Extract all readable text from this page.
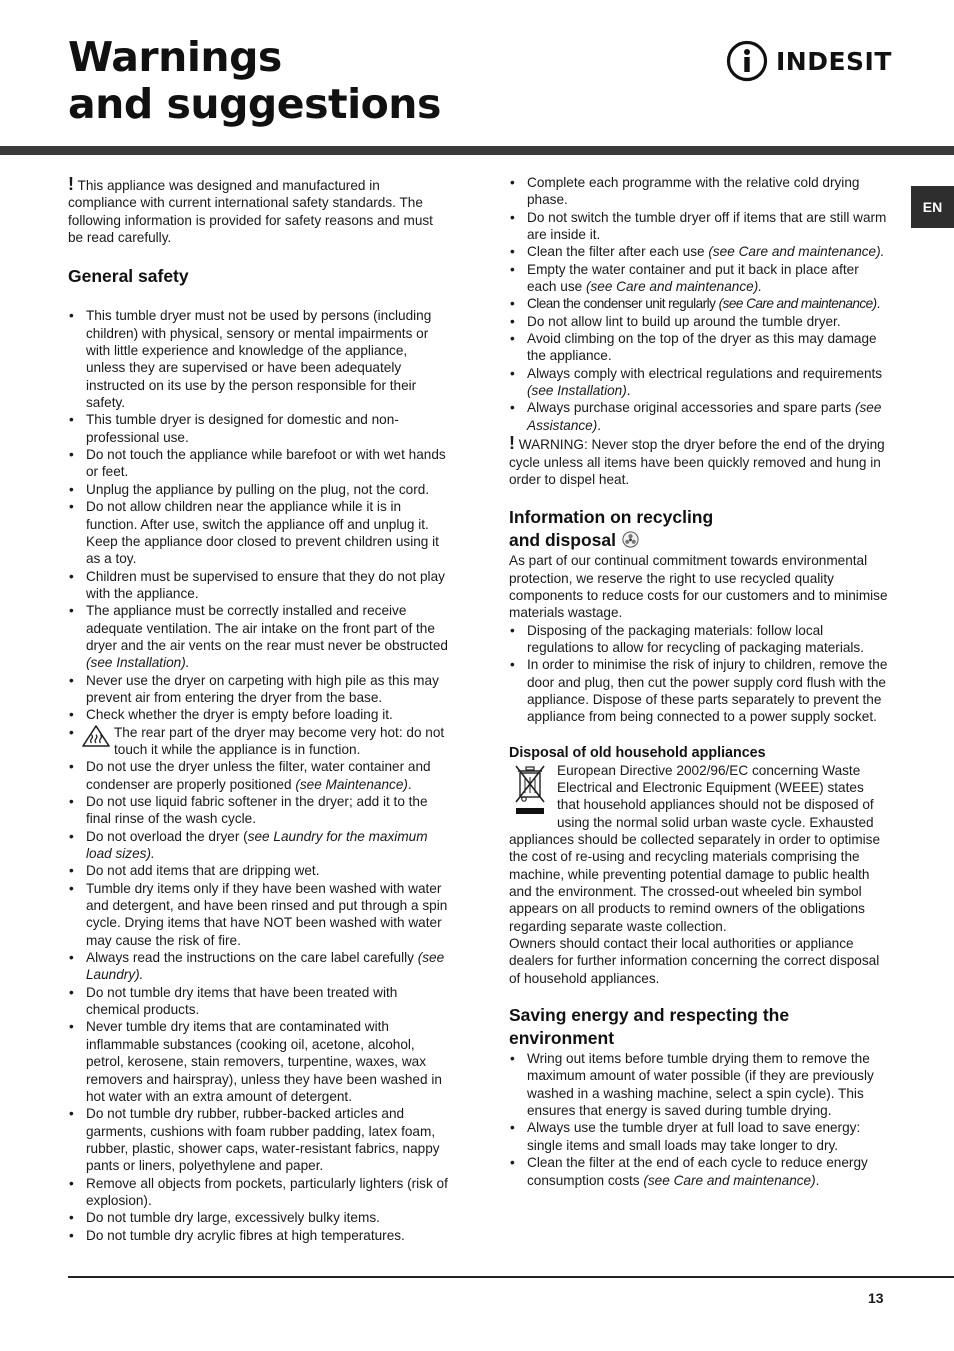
Warnings
and suggestions
INDESIT
EN

! This appliance was designed and manufactured in compliance with current international safety standards. The following information is provided for safety reasons and must be read carefully.

General safety
• This tumble dryer must not be used by persons (including children) with physical, sensory or mental impairments or with little experience and knowledge of the appliance, unless they are supervised or have been adequately instructed on its use by the person responsible for their safety.
• This tumble dryer is designed for domestic and non-professional use.
• Do not touch the appliance while barefoot or with wet hands or feet.
• Unplug the appliance by pulling on the plug, not the cord.
• Do not allow children near the appliance while it is in function. After use, switch the appliance off and unplug it. Keep the appliance door closed to prevent children using it as a toy.
• Children must be supervised to ensure that they do not play with the appliance.
• The appliance must be correctly installed and receive adequate ventilation. The air intake on the front part of the dryer and the air vents on the rear must never be obstructed (see Installation).
• Never use the dryer on carpeting with high pile as this may prevent air from entering the dryer from the base.
• Check whether the dryer is empty before loading it.
• The rear part of the dryer may become very hot: do not touch it while the appliance is in function.
• Do not use the dryer unless the filter, water container and condenser are properly positioned (see Maintenance).
• Do not use liquid fabric softener in the dryer; add it to the final rinse of the wash cycle.
• Do not overload the dryer (see Laundry for the maximum load sizes).
• Do not add items that are dripping wet.
• Tumble dry items only if they have been washed with water and detergent, and have been rinsed and put through a spin cycle. Drying items that have NOT been washed with water may cause the risk of fire.
• Always read the instructions on the care label carefully (see Laundry).
• Do not tumble dry items that have been treated with chemical products.
• Never tumble dry items that are contaminated with inflammable substances (cooking oil, acetone, alcohol, petrol, kerosene, stain removers, turpentine, waxes, wax removers and hairspray), unless they have been washed in hot water with an extra amount of detergent.
• Do not tumble dry rubber, rubber-backed articles and garments, cushions with foam rubber padding, latex foam, rubber, plastic, shower caps, water-resistant fabrics, nappy pants or liners, polyethylene and paper.
• Remove all objects from pockets, particularly lighters (risk of explosion).
• Do not tumble dry large, excessively bulky items.
• Do not tumble dry acrylic fibres at high temperatures.
• Complete each programme with the relative cold drying phase.
• Do not switch the tumble dryer off if items that are still warm are inside it.
• Clean the filter after each use (see Care and maintenance).
• Empty the water container and put it back in place after each use (see Care and maintenance).
• Clean the condenser unit regularly (see Care and maintenance).
• Do not allow lint to build up around the tumble dryer.
• Avoid climbing on the top of the dryer as this may damage the appliance.
• Always comply with electrical regulations and requirements (see Installation).
• Always purchase original accessories and spare parts (see Assistance).

! WARNING: Never stop the dryer before the end of the drying cycle unless all items have been quickly removed and hung in order to dispel heat.

Information on recycling
and disposal

As part of our continual commitment towards environmental protection, we reserve the right to use recycled quality components to reduce costs for our customers and to minimise materials wastage.

• Disposing of the packaging materials: follow local regulations to allow for recycling of packaging materials.
• In order to minimise the risk of injury to children, remove the door and plug, then cut the power supply cord flush with the appliance. Dispose of these parts separately to prevent the appliance from being connected to a power supply socket.
Disposal of old household appliances

European Directive 2002/96/EC concerning Waste Electrical and Electronic Equipment (WEEE) states that household appliances should not be disposed of using the normal solid urban waste cycle. Exhausted appliances should be collected separately in order to optimise the cost of re-using and recycling materials comprising the machine, while preventing potential damage to public health and the environment. The crossed-out wheeled bin symbol appears on all products to remind owners of the obligations regarding separate waste collection.

Owners should contact their local authorities or appliance dealers for further information concerning the correct disposal of household appliances.

Saving energy and respecting the environment
• Wring out items before tumble drying them to remove the maximum amount of water possible (if they are previously washed in a washing machine, select a spin cycle). This ensures that energy is saved during tumble drying.
• Always use the tumble dryer at full load to save energy: single items and small loads may take longer to dry.
• Clean the filter at the end of each cycle to reduce energy consumption costs (see Care and maintenance).
13
